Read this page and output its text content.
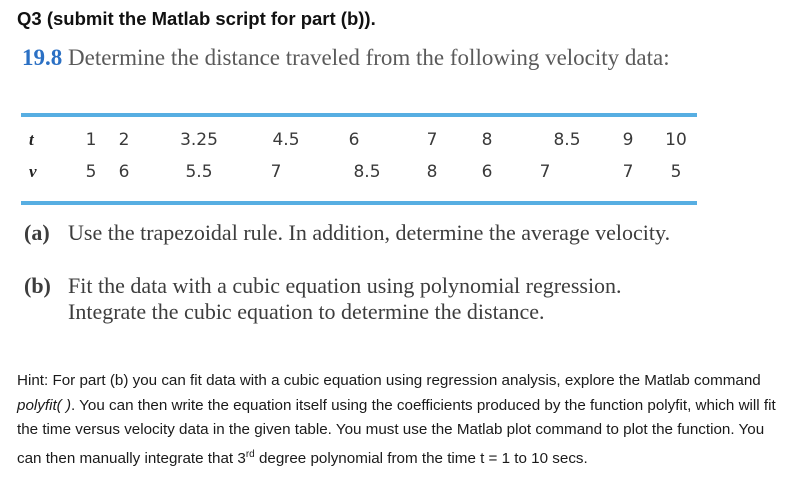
Q3 (submit the Matlab script for part (b)).
19.8 Determine the distance traveled from the following velocity data:
t	1 2	3.25	4.5	6	7	8	8.5 9 10
v	5 6	5.5	7	8.5	8	6	7	7 5
(a) Use the trapezoidal rule. In addition, determine the average velocity.
(b) Fit the data with a cubic equation using polynomial regression. Integrate the cubic equation to determine the distance.
Hint: For part (b) you can fit data with a cubic equation using regression analysis, explore the Matlab command polyfit( ). You can then write the equation itself using the coefficients produced by the function polyfit, which will fit the time versus velocity data in the given table. You must use the Matlab plot command to plot the function. You can then manually integrate that 3rd degree polynomial from the time t = 1 to 10 secs.
